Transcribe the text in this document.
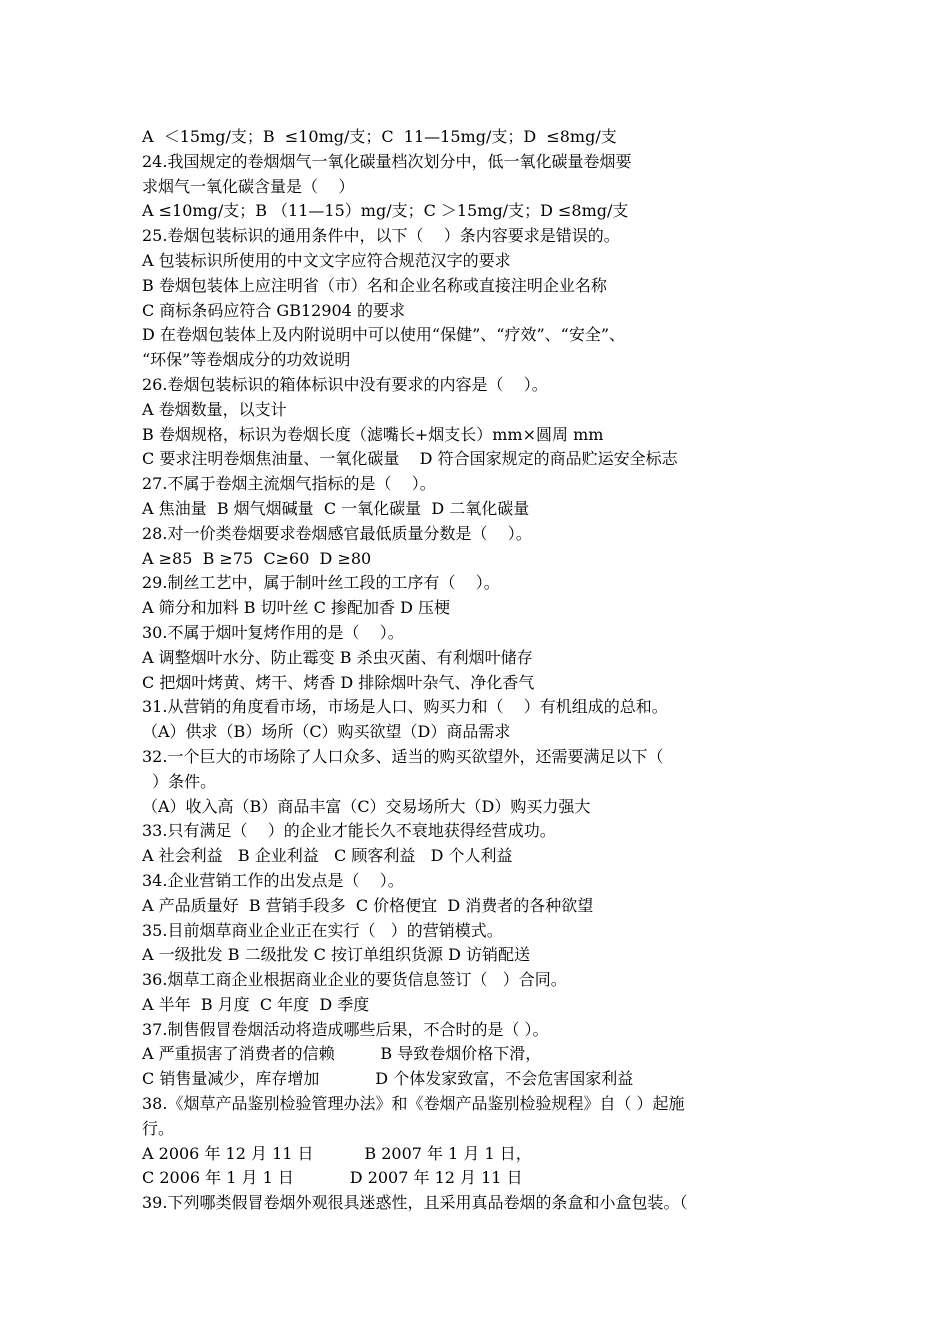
A  ＜15mg/支；B  ≤10mg/支；C  11—15mg/支；D  ≤8mg/支
24.我国规定的卷烟烟气一氧化碳量档次划分中，低一氧化碳量卷烟要
求烟气一氧化碳含量是（    ）
A ≤10mg/支；B （11—15）mg/支；C ＞15mg/支；D ≤8mg/支
25.卷烟包装标识的通用条件中，以下（    ）条内容要求是错误的。
A 包装标识所使用的中文文字应符合规范汉字的要求
B 卷烟包装体上应注明省（市）名和企业名称或直接注明企业名称
C 商标条码应符合 GB12904 的要求
D 在卷烟包装体上及内附说明中可以使用“保健”、“疗效”、“安全”、
“环保”等卷烟成分的功效说明
26.卷烟包装标识的箱体标识中没有要求的内容是（    ）。
A 卷烟数量，以支计
B 卷烟规格，标识为卷烟长度（滤嘴长+烟支长）mm×圆周 mm
C 要求注明卷烟焦油量、一氧化碳量    D 符合国家规定的商品贮运安全标志
27.不属于卷烟主流烟气指标的是（    ）。
A 焦油量  B 烟气烟碱量  C 一氧化碳量  D 二氧化碳量
28.对一价类卷烟要求卷烟感官最低质量分数是（    ）。
A ≥85  B ≥75  C≥60  D ≥80
29.制丝工艺中，属于制叶丝工段的工序有（    ）。
A 筛分和加料 B 切叶丝 C 掺配加香 D 压梗
30.不属于烟叶复烤作用的是（    ）。
A 调整烟叶水分、防止霉变 B 杀虫灭菌、有利烟叶储存
C 把烟叶烤黄、烤干、烤香 D 排除烟叶杂气、净化香气
31.从营销的角度看市场，市场是人口、购买力和（    ）有机组成的总和。
（A）供求（B）场所（C）购买欲望（D）商品需求
32.一个巨大的市场除了人口众多、适当的购买欲望外，还需要满足以下（
）条件。
（A）收入高（B）商品丰富（C）交易场所大（D）购买力强大
33.只有满足（    ）的企业才能长久不衰地获得经营成功。
A 社会利益   B 企业利益   C 顾客利益   D 个人利益
34.企业营销工作的出发点是（    ）。
A 产品质量好  B 营销手段多  C 价格便宜  D 消费者的各种欲望
35.目前烟草商业企业正在实行（   ）的营销模式。
A 一级批发 B 二级批发 C 按订单组织货源 D 访销配送
36.烟草工商企业根据商业企业的要货信息签订（   ）合同。
A 半年  B 月度  C 年度  D 季度
37.制售假冒卷烟活动将造成哪些后果，不合时的是（ ）。
A 严重损害了消费者的信赖         B 导致卷烟价格下滑，
C 销售量减少，库存增加           D 个体发家致富，不会危害国家利益
38.《烟草产品鉴别检验管理办法》和《卷烟产品鉴别检验规程》自（ ）起施
行。
A 2006 年 12 月 11 日          B 2007 年 1 月 1 日，
C 2006 年 1 月 1 日           D 2007 年 12 月 11 日
39.下列哪类假冒卷烟外观很具迷惑性，且采用真品卷烟的条盒和小盒包装。（
